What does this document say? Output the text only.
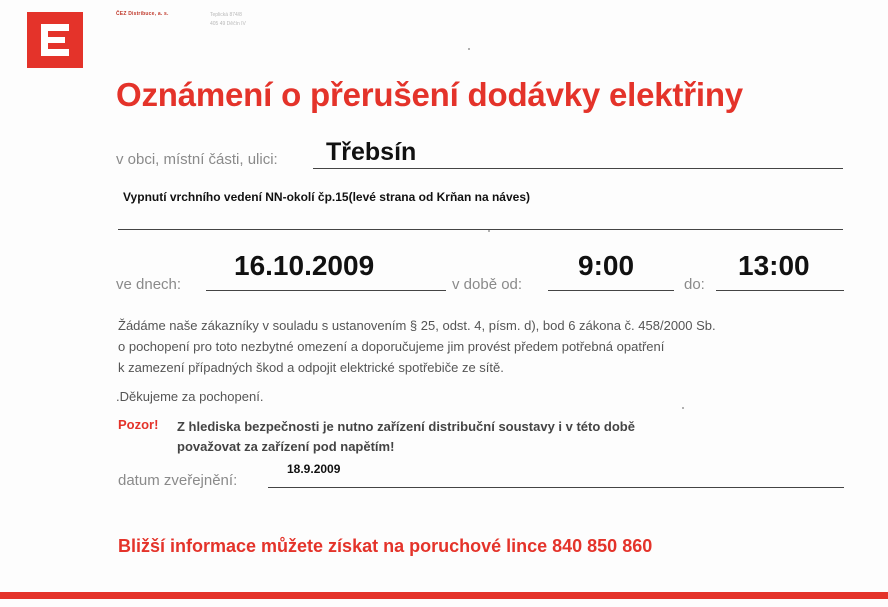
ČEZ Distribuce, a. s.	Teplická 874/8
405 49 Děčín IV
Oznámení o přerušení dodávky elektřiny
v obci, místní části, ulici: Třebsín
Vypnutí vrchního vedení NN-okolí čp.15(levé strana od Krňan na náves)
ve dnech:
16.10.2009
v době od:
9:00
do:
13:00
Žádáme naše zákazníky v souladu s ustanovením § 25, odst. 4, písm. d), bod 6 zákona č. 458/2000 Sb.
o pochopení pro toto nezbytné omezení a doporučujeme jim provést předem potřebná opatření
k zamezení případných škod a odpojit elektrické spotřebiče ze sítě.
.Děkujeme za pochopení.
Pozor! Z hlediska bezpečnosti je nutno zařízení distribuční soustavy i v této době
považovat za zařízení pod napětím!
datum zveřejnění:
18.9.2009
Bližší informace můžete získat na poruchové lince 840 850 860
